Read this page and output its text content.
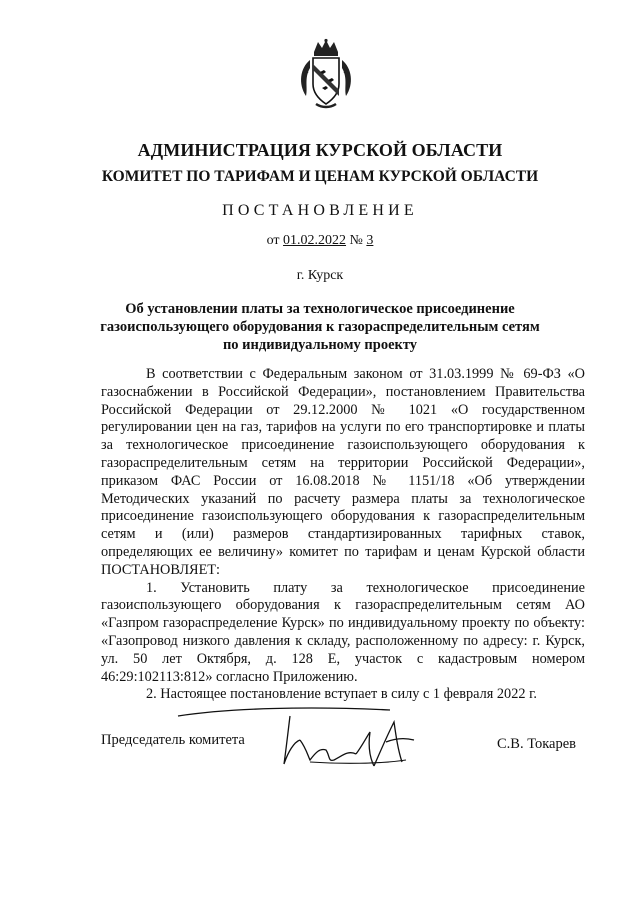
АДМИНИСТРАЦИЯ КУРСКОЙ ОБЛАСТИ
КОМИТЕТ ПО ТАРИФАМ И ЦЕНАМ КУРСКОЙ ОБЛАСТИ
ПОСТАНОВЛЕНИЕ
от 01.02.2022 № 3
г. Курск
Об установлении платы за технологическое присоединение газоиспользующего оборудования к газораспределительным сетям по индивидуальному проекту

В соответствии с Федеральным законом от 31.03.1999 № 69-ФЗ «О газоснабжении в Российской Федерации», постановлением Правительства Российской Федерации от 29.12.2000 № 1021 «О государственном регулировании цен на газ, тарифов на услуги по его транспортировке и платы за технологическое присоединение газоиспользующего оборудования к газораспределительным сетям на территории Российской Федерации», приказом ФАС России от 16.08.2018 № 1151/18 «Об утверждении Методических указаний по расчету размера платы за технологическое присоединение газоиспользующего оборудования к газораспределительным сетям и (или) размеров стандартизированных тарифных ставок, определяющих ее величину» комитет по тарифам и ценам Курской области ПОСТАНОВЛЯЕТ:

1. Установить плату за технологическое присоединение газоиспользующего оборудования к газораспределительным сетям АО «Газпром газораспределение Курск» по индивидуальному проекту по объекту: «Газопровод низкого давления к складу, расположенному по адресу: г. Курск, ул. 50 лет Октября, д. 128 Е, участок с кадастровым номером 46:29:102113:812» согласно Приложению.

2. Настоящее постановление вступает в силу с 1 февраля 2022 г.

Председатель комитета	С.В. Токарев
